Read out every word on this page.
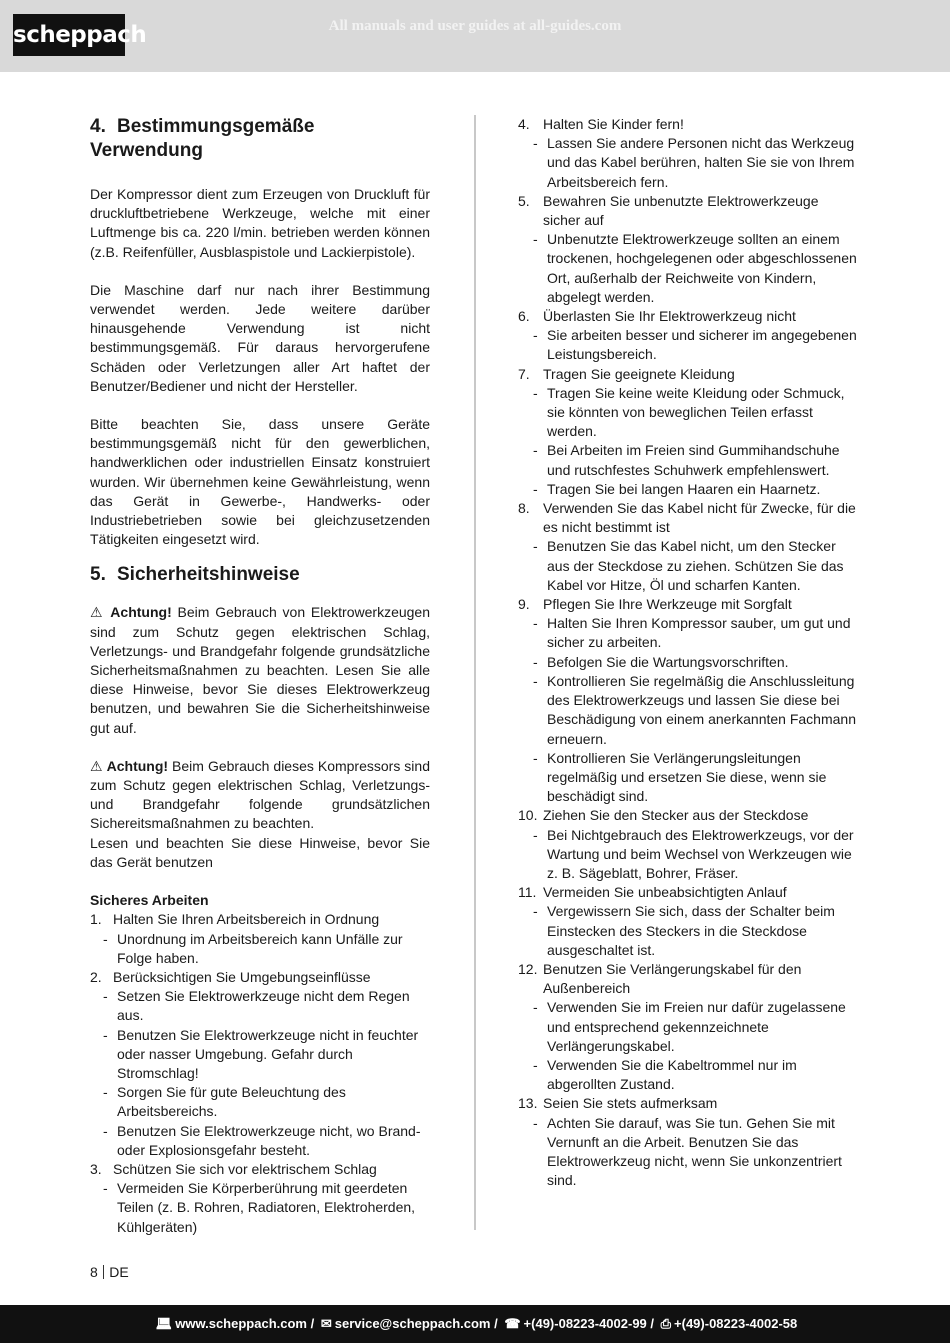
scheppach	All manuals and user guides at all-guides.com
4. Bestimmungsgemäße Verwendung

Der Kompressor dient zum Erzeugen von Druckluft für druckluftbetriebene Werkzeuge, welche mit einer Luftmenge bis ca. 220 l/min. betrieben werden können (z.B. Reifenfüller, Ausblaspistole und Lackierpistole).

Die Maschine darf nur nach ihrer Bestimmung verwendet werden. Jede weitere darüber hinausgehende Verwendung ist nicht bestimmungsgemäß. Für daraus hervorgerufene Schäden oder Verletzungen aller Art haftet der Benutzer/Bediener und nicht der Hersteller.

Bitte beachten Sie, dass unsere Geräte bestimmungsgemäß nicht für den gewerblichen, handwerklichen oder industriellen Einsatz konstruiert wurden. Wir übernehmen keine Gewährleistung, wenn das Gerät in Gewerbe-, Handwerks- oder Industriebetrieben sowie bei gleichzusetzenden Tätigkeiten eingesetzt wird.

5. Sicherheitshinweise

⚠ Achtung! Beim Gebrauch von Elektrowerkzeugen sind zum Schutz gegen elektrischen Schlag, Verletzungs- und Brandgefahr folgende grundsätzliche Sicherheitsmaßnahmen zu beachten. Lesen Sie alle diese Hinweise, bevor Sie dieses Elektrowerkzeug benutzen, und bewahren Sie die Sicherheitshinweise gut auf.

⚠ Achtung! Beim Gebrauch dieses Kompressors sind zum Schutz gegen elektrischen Schlag, Verletzungs- und Brandgefahr folgende grundsätzlichen Sichereitsmaßnahmen zu beachten.

Lesen und beachten Sie diese Hinweise, bevor Sie das Gerät benutzen

Sicheres Arbeiten
1. Halten Sie Ihren Arbeitsbereich in Ordnung
- Unordnung im Arbeitsbereich kann Unfälle zur Folge haben.
2. Berücksichtigen Sie Umgebungseinflüsse
- Setzen Sie Elektrowerkzeuge nicht dem Regen aus.
- Benutzen Sie Elektrowerkzeuge nicht in feuchter oder nasser Umgebung. Gefahr durch Stromschlag!
- Sorgen Sie für gute Beleuchtung des Arbeitsbereichs.
- Benutzen Sie Elektrowerkzeuge nicht, wo Brand- oder Explosionsgefahr besteht.
3. Schützen Sie sich vor elektrischem Schlag
- Vermeiden Sie Körperberührung mit geerdeten Teilen (z. B. Rohren, Radiatoren, Elektroherden, Kühlgeräten)
4. Halten Sie Kinder fern!
- Lassen Sie andere Personen nicht das Werkzeug und das Kabel berühren, halten Sie sie von Ihrem Arbeitsbereich fern.
5. Bewahren Sie unbenutzte Elektrowerkzeuge sicher auf
- Unbenutzte Elektrowerkzeuge sollten an einem trockenen, hochgelegenen oder abgeschlossenen Ort, außerhalb der Reichweite von Kindern, abgelegt werden.
6. Überlasten Sie Ihr Elektrowerkzeug nicht
- Sie arbeiten besser und sicherer im angegebenen Leistungsbereich.
7. Tragen Sie geeignete Kleidung
- Tragen Sie keine weite Kleidung oder Schmuck, sie könnten von beweglichen Teilen erfasst werden.
- Bei Arbeiten im Freien sind Gummihandschuhe und rutschfestes Schuhwerk empfehlenswert.
- Tragen Sie bei langen Haaren ein Haarnetz.
8. Verwenden Sie das Kabel nicht für Zwecke, für die es nicht bestimmt ist
- Benutzen Sie das Kabel nicht, um den Stecker aus der Steckdose zu ziehen. Schützen Sie das Kabel vor Hitze, Öl und scharfen Kanten.
9. Pflegen Sie Ihre Werkzeuge mit Sorgfalt
- Halten Sie Ihren Kompressor sauber, um gut und sicher zu arbeiten.
- Befolgen Sie die Wartungsvorschriften.
- Kontrollieren Sie regelmäßig die Anschlussleitung des Elektrowerkzeugs und lassen Sie diese bei Beschädigung von einem anerkannten Fachmann erneuern.
- Kontrollieren Sie Verlängerungsleitungen regelmäßig und ersetzen Sie diese, wenn sie beschädigt sind.
10. Ziehen Sie den Stecker aus der Steckdose
- Bei Nichtgebrauch des Elektrowerkzeugs, vor der Wartung und beim Wechsel von Werkzeugen wie z. B. Sägeblatt, Bohrer, Fräser.
11. Vermeiden Sie unbeabsichtigten Anlauf
- Vergewissern Sie sich, dass der Schalter beim Einstecken des Steckers in die Steckdose ausgeschaltet ist.
12. Benutzen Sie Verlängerungskabel für den Außenbereich
- Verwenden Sie im Freien nur dafür zugelassene und entsprechend gekennzeichnete Verlängerungskabel.
- Verwenden Sie die Kabeltrommel nur im abgerollten Zustand.
13. Seien Sie stets aufmerksam
- Achten Sie darauf, was Sie tun. Gehen Sie mit Vernunft an die Arbeit. Benutzen Sie das Elektrowerkzeug nicht, wenn Sie unkonzentriert sind.
8 DE
💻︎ www.scheppach.com / ✉ service@scheppach.com / ☎ +(49)-08223-4002-99 / ⎙ +(49)-08223-4002-58
